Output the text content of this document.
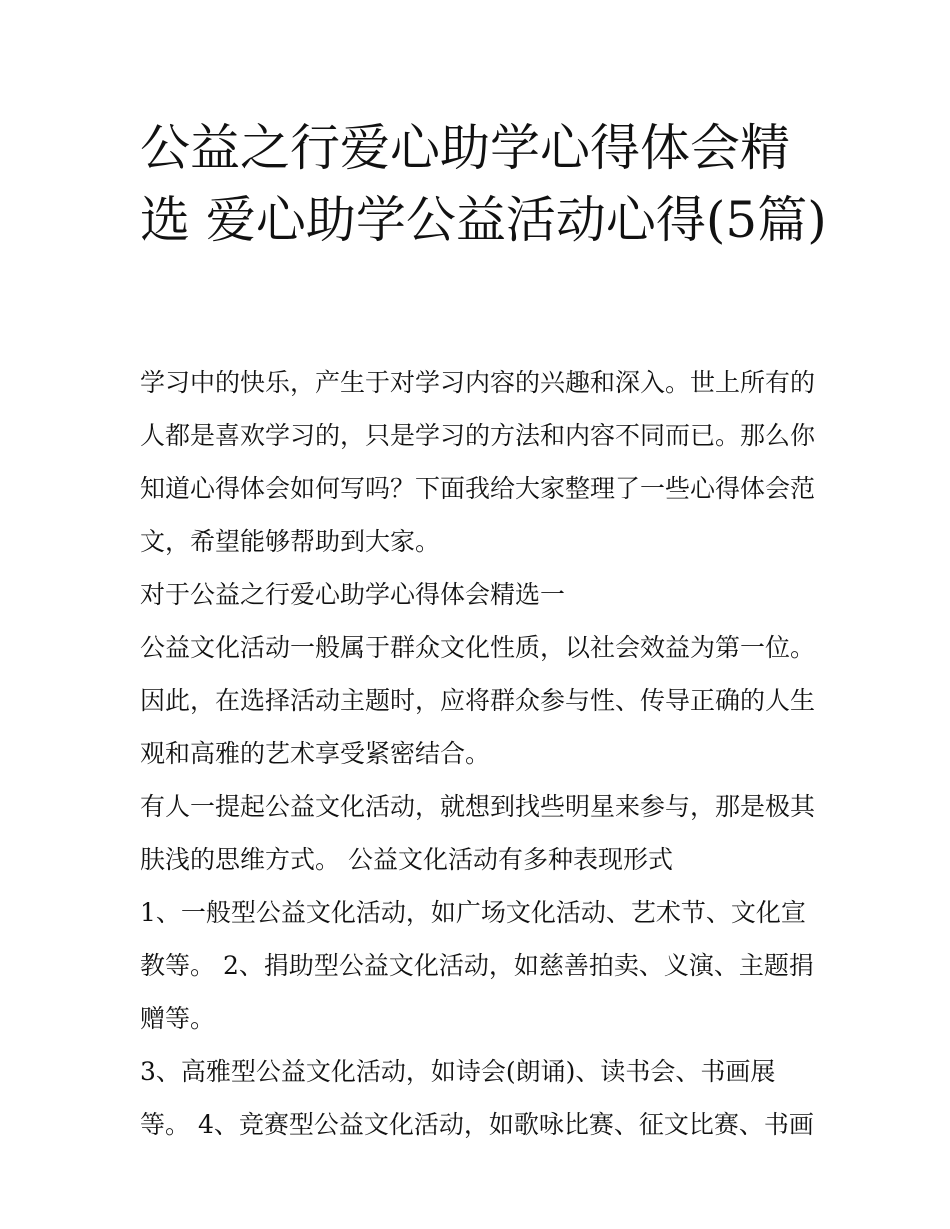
公益之行爱心助学心得体会精选 爱心助学公益活动心得(5篇)

学习中的快乐，产生于对学习内容的兴趣和深入。世上所有的人都是喜欢学习的，只是学习的方法和内容不同而已。那么你知道心得体会如何写吗？下面我给大家整理了一些心得体会范文，希望能够帮助到大家。

对于公益之行爱心助学心得体会精选一

公益文化活动一般属于群众文化性质，以社会效益为第一位。因此，在选择活动主题时，应将群众参与性、传导正确的人生观和高雅的艺术享受紧密结合。

有人一提起公益文化活动，就想到找些明星来参与，那是极其肤浅的思维方式。 公益文化活动有多种表现形式

1、一般型公益文化活动，如广场文化活动、艺术节、文化宣教等。 2、捐助型公益文化活动，如慈善拍卖、义演、主题捐赠等。

3、高雅型公益文化活动，如诗会(朗诵)、读书会、书画展等。 4、竞赛型公益文化活动，如歌咏比赛、征文比赛、书画
